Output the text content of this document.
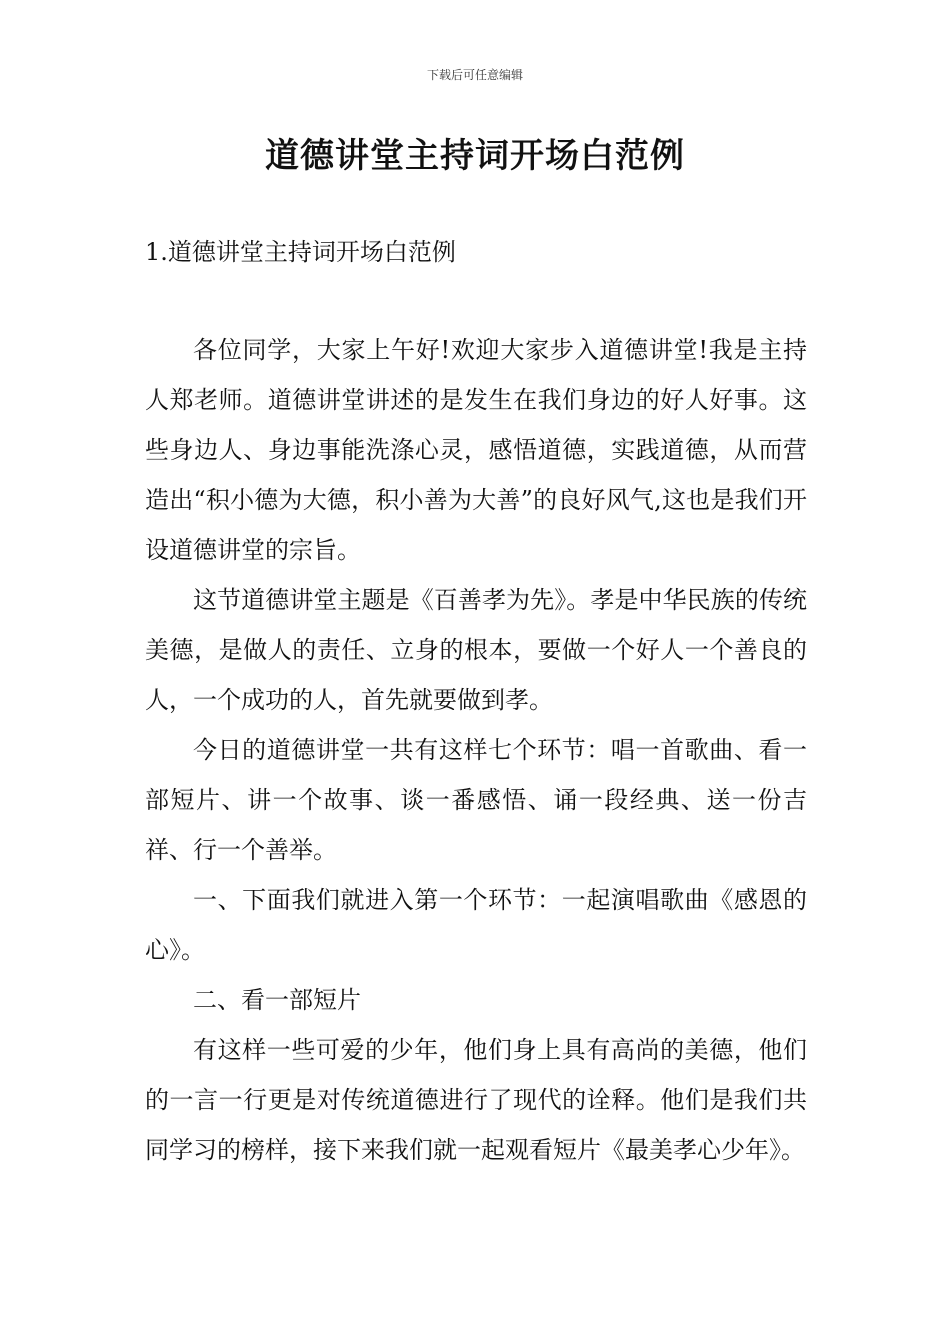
下载后可任意编辑
道德讲堂主持词开场白范例
1.道德讲堂主持词开场白范例

各位同学，大家上午好!欢迎大家步入道德讲堂!我是主持人郑老师。道德讲堂讲述的是发生在我们身边的好人好事。这些身边人、身边事能洗涤心灵，感悟道德，实践道德，从而营造出“积小德为大德，积小善为大善”的良好风气,这也是我们开设道德讲堂的宗旨。

这节道德讲堂主题是《百善孝为先》。孝是中华民族的传统美德，是做人的责任、立身的根本，要做一个好人一个善良的人，一个成功的人，首先就要做到孝。

今日的道德讲堂一共有这样七个环节：唱一首歌曲、看一部短片、讲一个故事、谈一番感悟、诵一段经典、送一份吉祥、行一个善举。

一、下面我们就进入第一个环节：一起演唱歌曲《感恩的心》。

二、看一部短片

有这样一些可爱的少年，他们身上具有高尚的美德，他们的一言一行更是对传统道德进行了现代的诠释。他们是我们共同学习的榜样，接下来我们就一起观看短片《最美孝心少年》。
